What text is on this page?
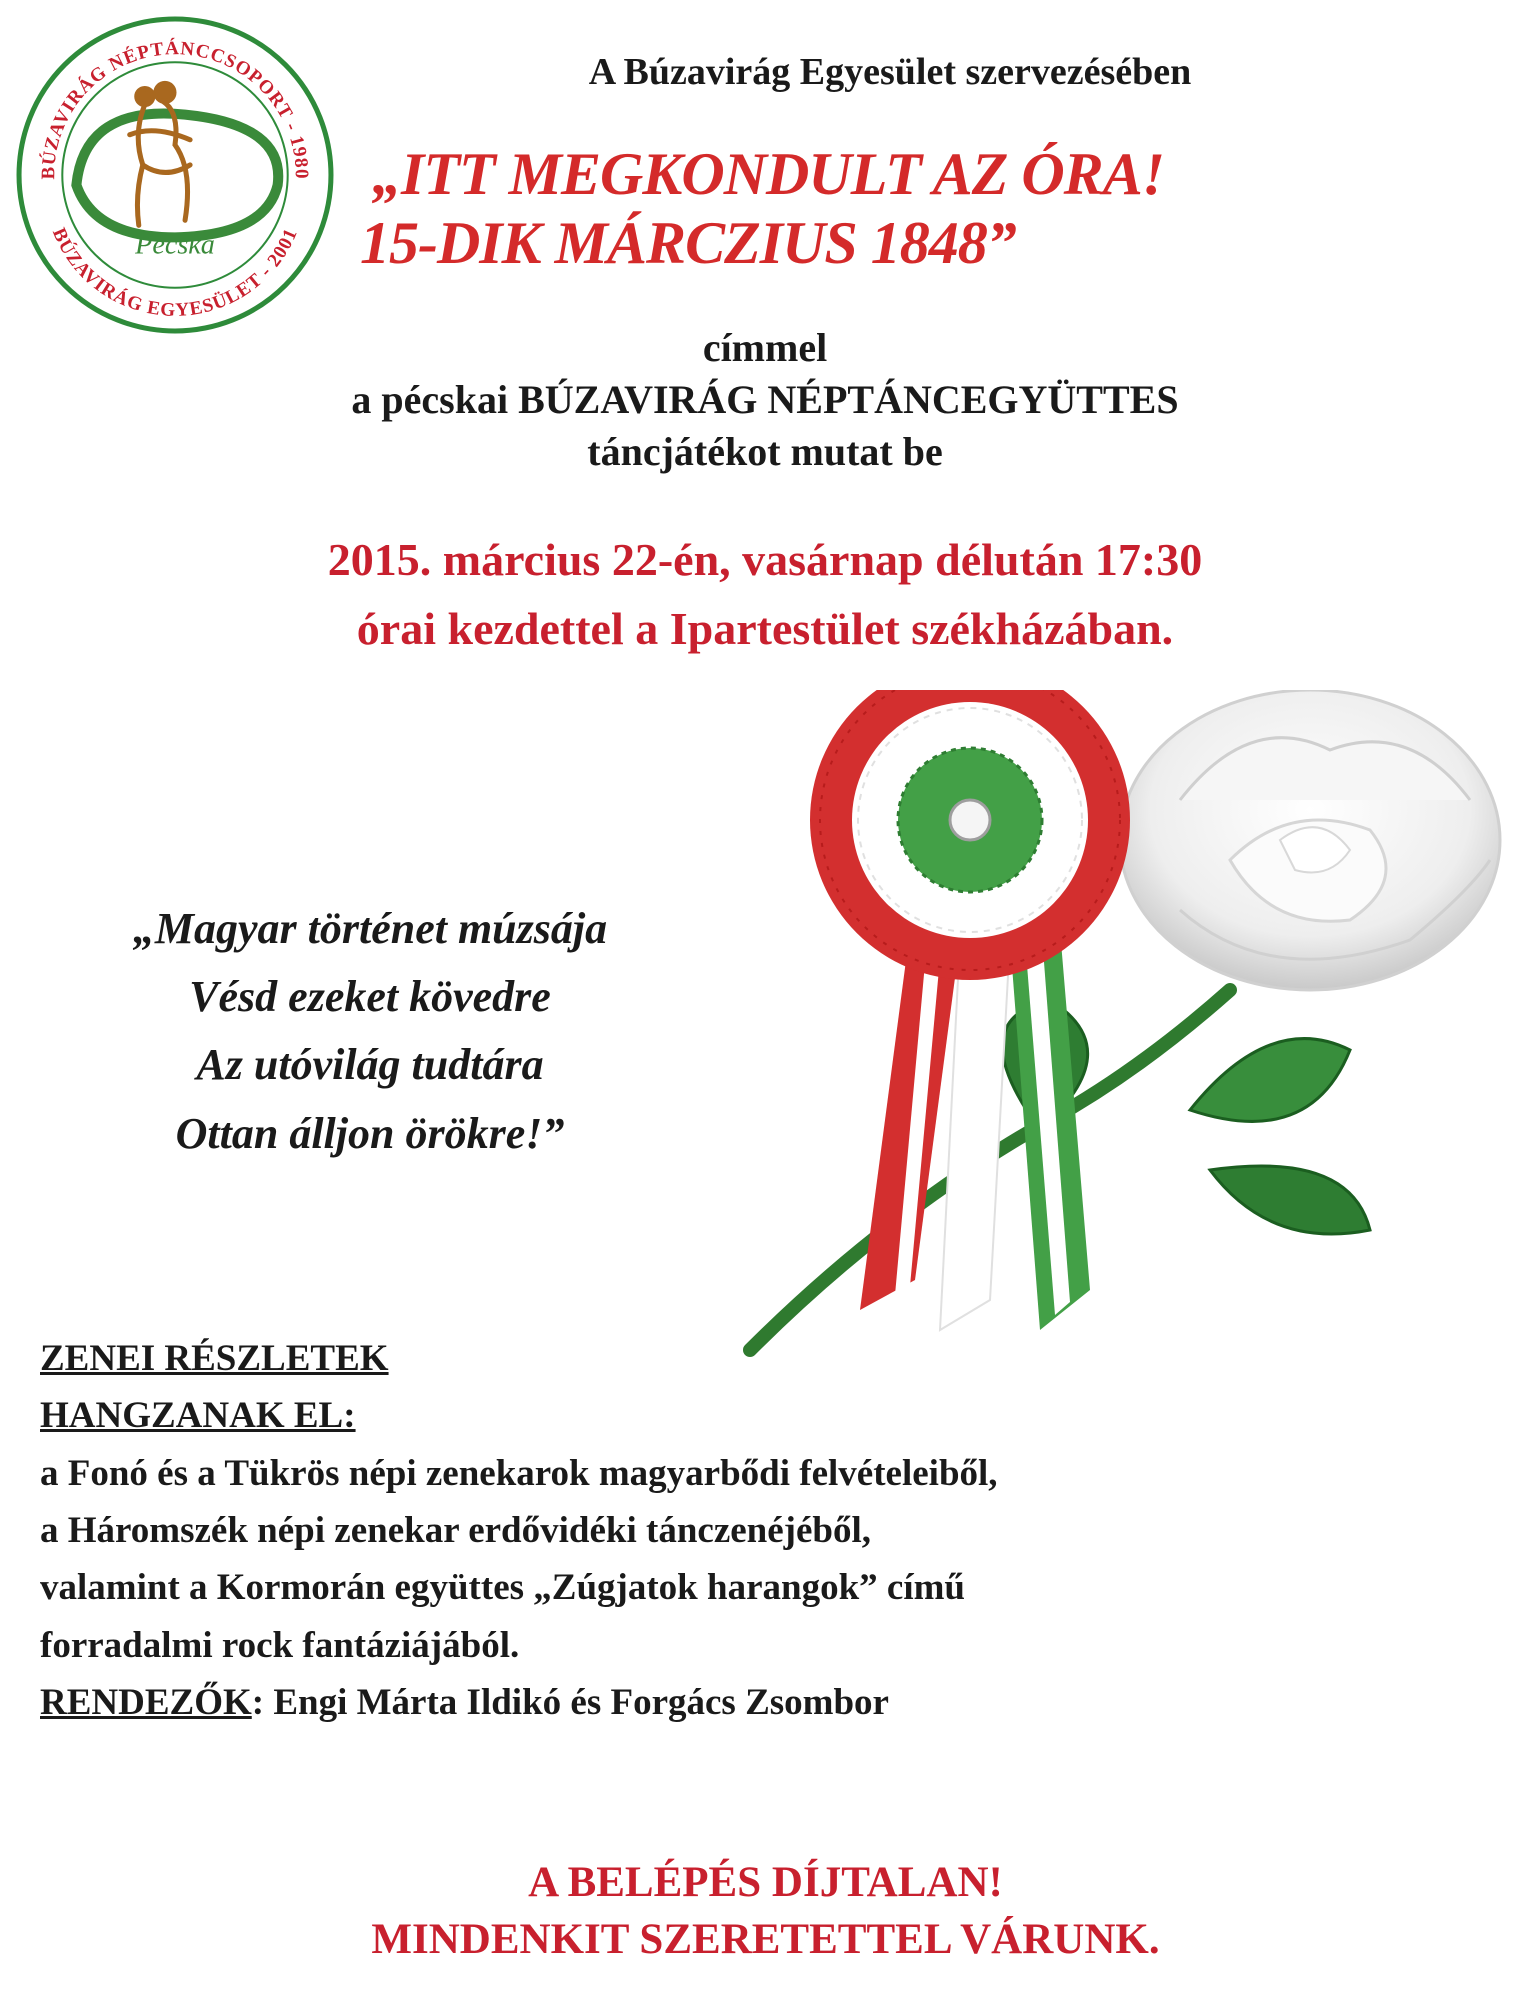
BÚZAVIRÁG NÉPTÁNCCSOPORT - 1980
BÚZAVIRÁG EGYESÜLET - 2001
Pécska
A Búzavirág Egyesület szervezésében
„ITT MEGKONDULT AZ ÓRA!
15-DIK MÁRCZIUS 1848”
címmel
a pécskai BÚZAVIRÁG NÉPTÁNCEGYÜTTES
táncjátékot mutat be
2015. március 22-én, vasárnap délután 17:30
órai kezdettel a Ipartestület székházában.
„Magyar történet múzsája
Vésd ezeket kövedre
Az utóvilág tudtára
Ottan álljon örökre!”
ZENEI RÉSZLETEK
HANGZANAK EL:
a Fonó és a Tükrös népi zenekarok magyarbődi felvételeiből,
a Háromszék népi zenekar erdővidéki tánczenéjéből,
valamint a Kormorán együttes „Zúgjatok harangok” című
forradalmi rock fantáziájából.
RENDEZŐK: Engi Márta Ildikó és Forgács Zsombor
A BELÉPÉS DÍJTALAN!
MINDENKIT SZERETETTEL VÁRUNK.
